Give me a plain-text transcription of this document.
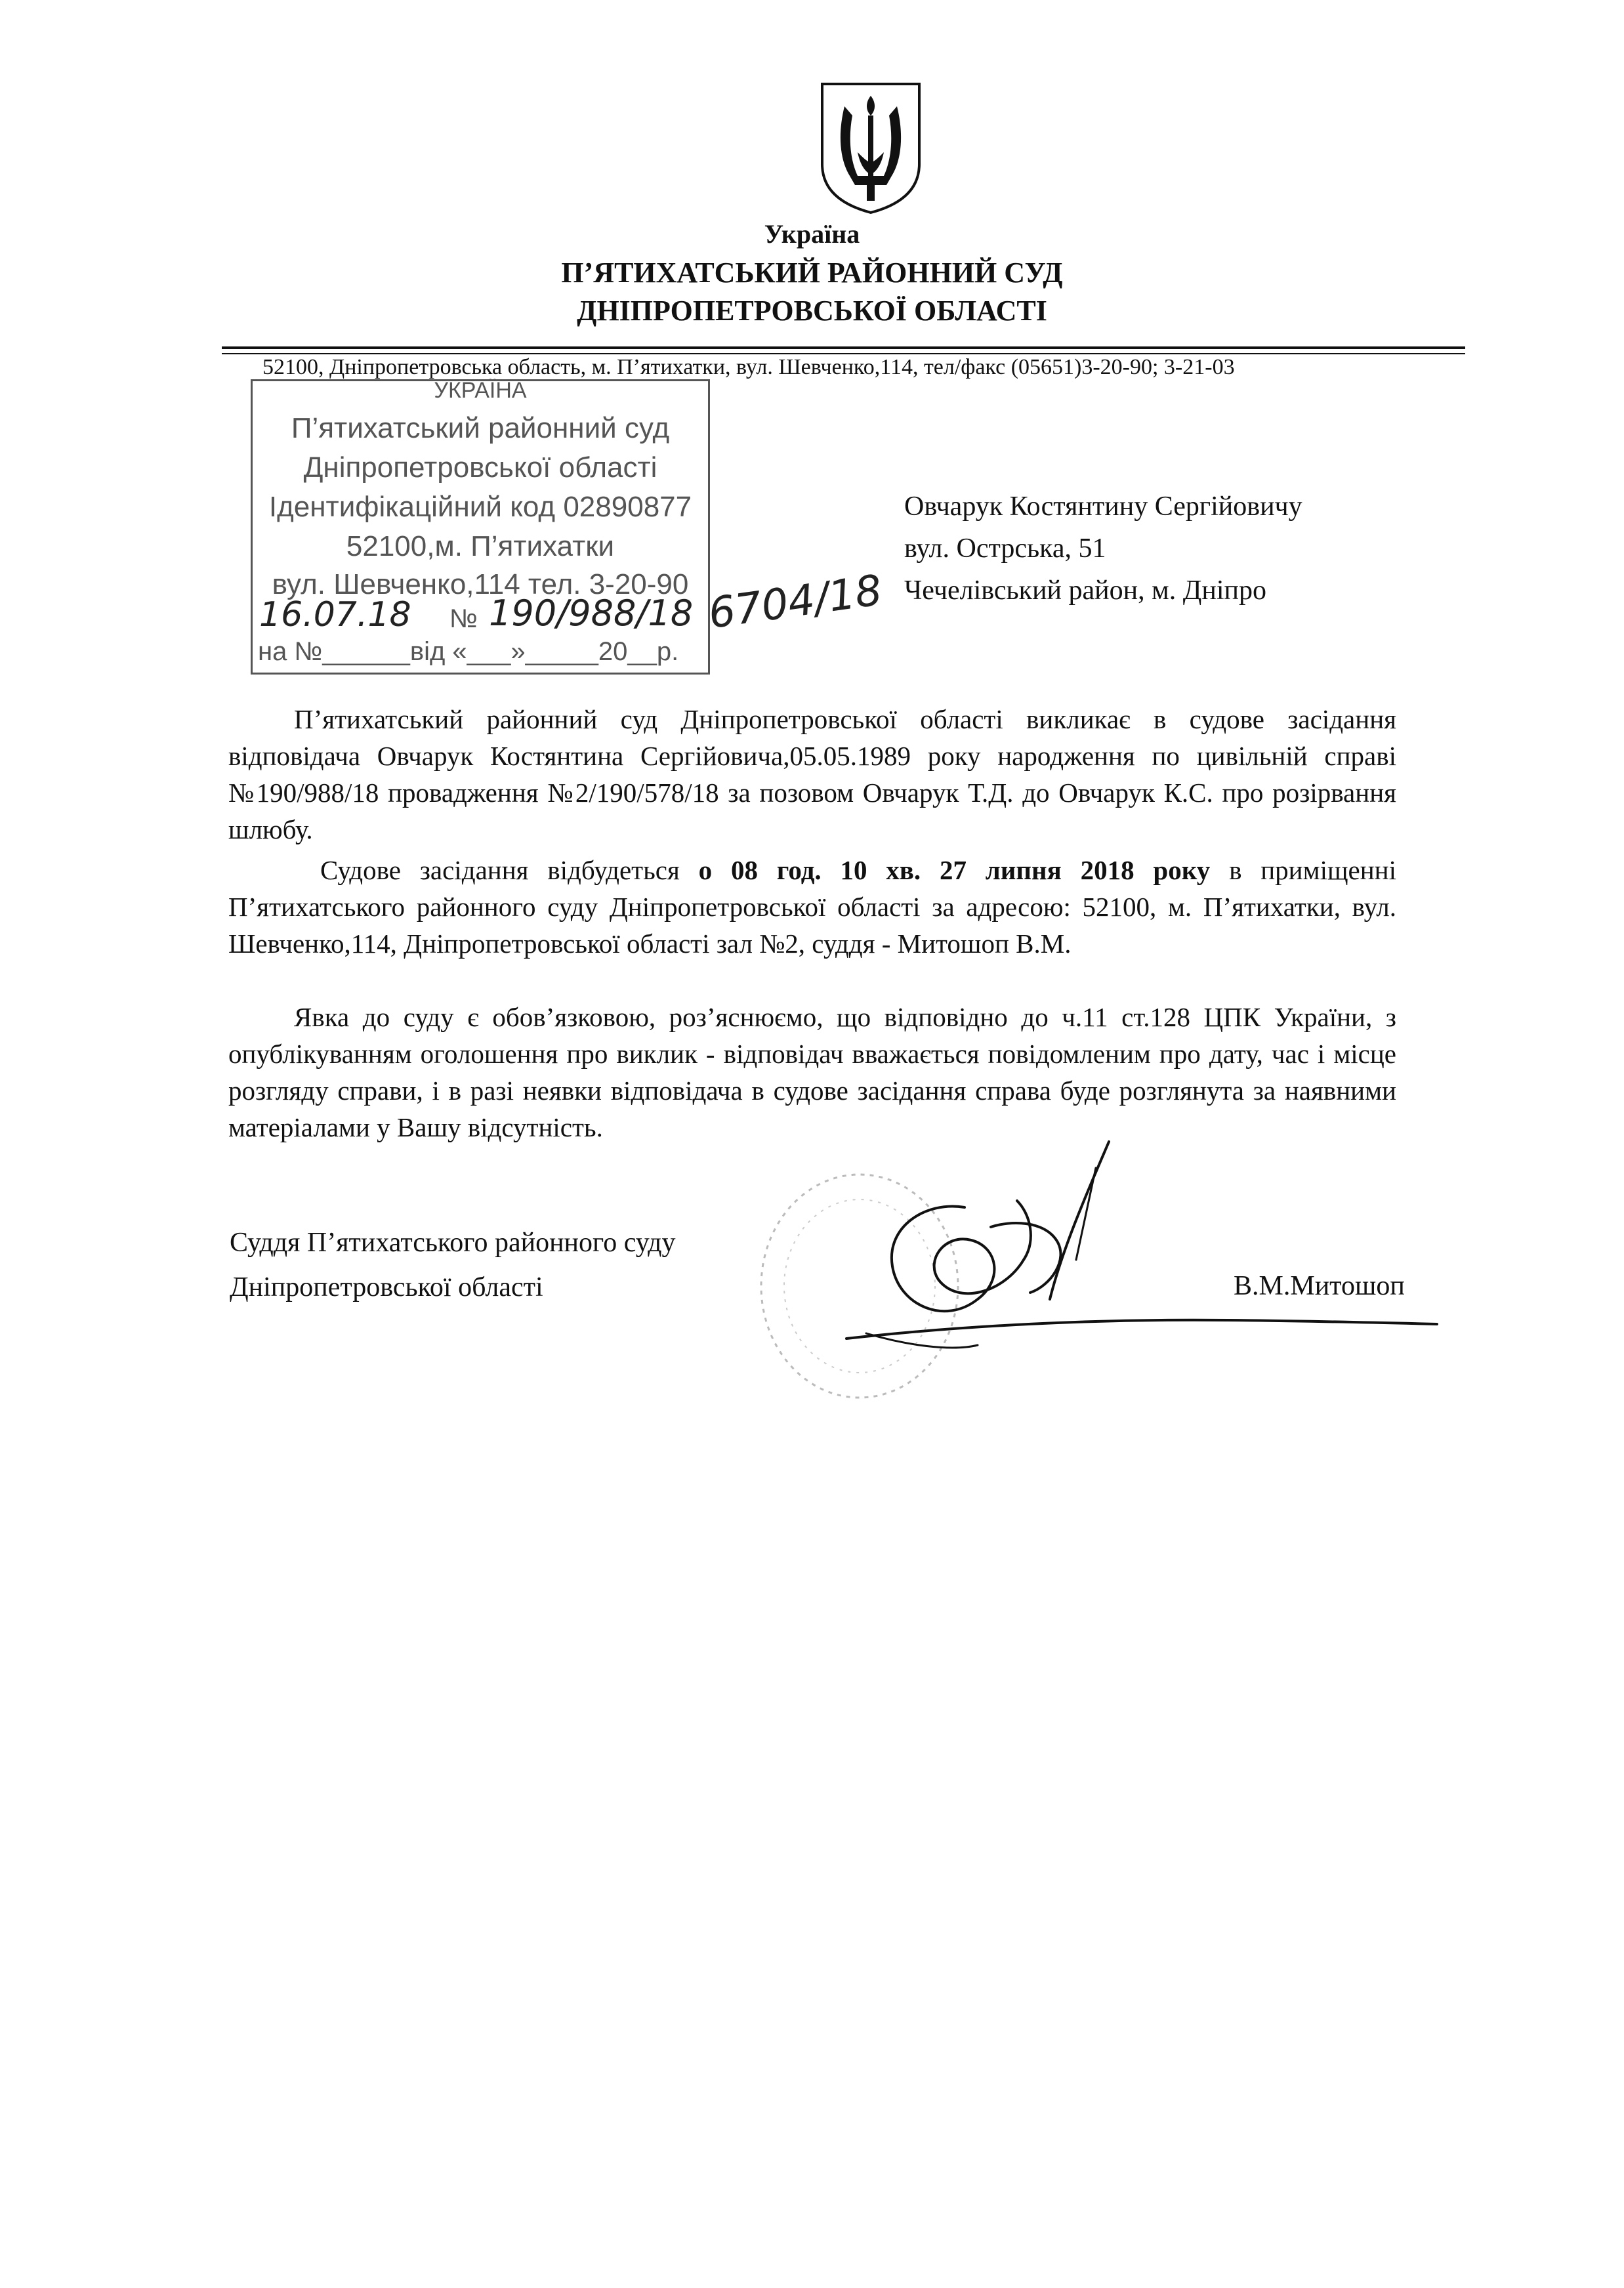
Україна
П’ЯТИХАТСЬКИЙ РАЙОННИЙ СУД
ДНІПРОПЕТРОВСЬКОЇ ОБЛАСТІ
52100, Дніпропетровська область, м. П’ятихатки, вул. Шевченко,114, тел/факс (05651)3-20-90; 3-21-03
УКРАЇНА
П’ятихатський районний суд
Дніпропетровської області
Ідентифікаційний код 02890877
52100,м. П’ятихатки
вул. Шевченко,114 тел. 3-20-90
16.07.18 № 190/988/18 6704/18
на №______від «___»_____20__р.
Овчарук Костянтину Сергійовичу
вул. Острська, 51
Чечелівський район, м. Дніпро
П’ятихатський районний суд Дніпропетровської області викликає в судове засідання відповідача Овчарук Костянтина Сергійовича,05.05.1989 року народження по цивільній справі №190/988/18 провадження №2/190/578/18 за позовом Овчарук Т.Д. до Овчарук К.С. про розірвання шлюбу.
Судове засідання відбудеться о 08 год. 10 хв. 27 липня 2018 року в приміщенні П’ятихатського районного суду Дніпропетровської області за адресою: 52100, м. П’ятихатки, вул. Шевченко,114, Дніпропетровської області зал №2, суддя - Митошоп В.М.
Явка до суду є обов’язковою, роз’яснюємо, що відповідно до ч.11 ст.128 ЦПК України, з опублікуванням оголошення про виклик - відповідач вважається повідомленим про дату, час і місце розгляду справи, і в разі неявки відповідача в судове засідання справа буде розглянута за наявними матеріалами у Вашу відсутність.
Суддя П’ятихатського районного суду
Дніпропетровської області	В.М.Митошоп
